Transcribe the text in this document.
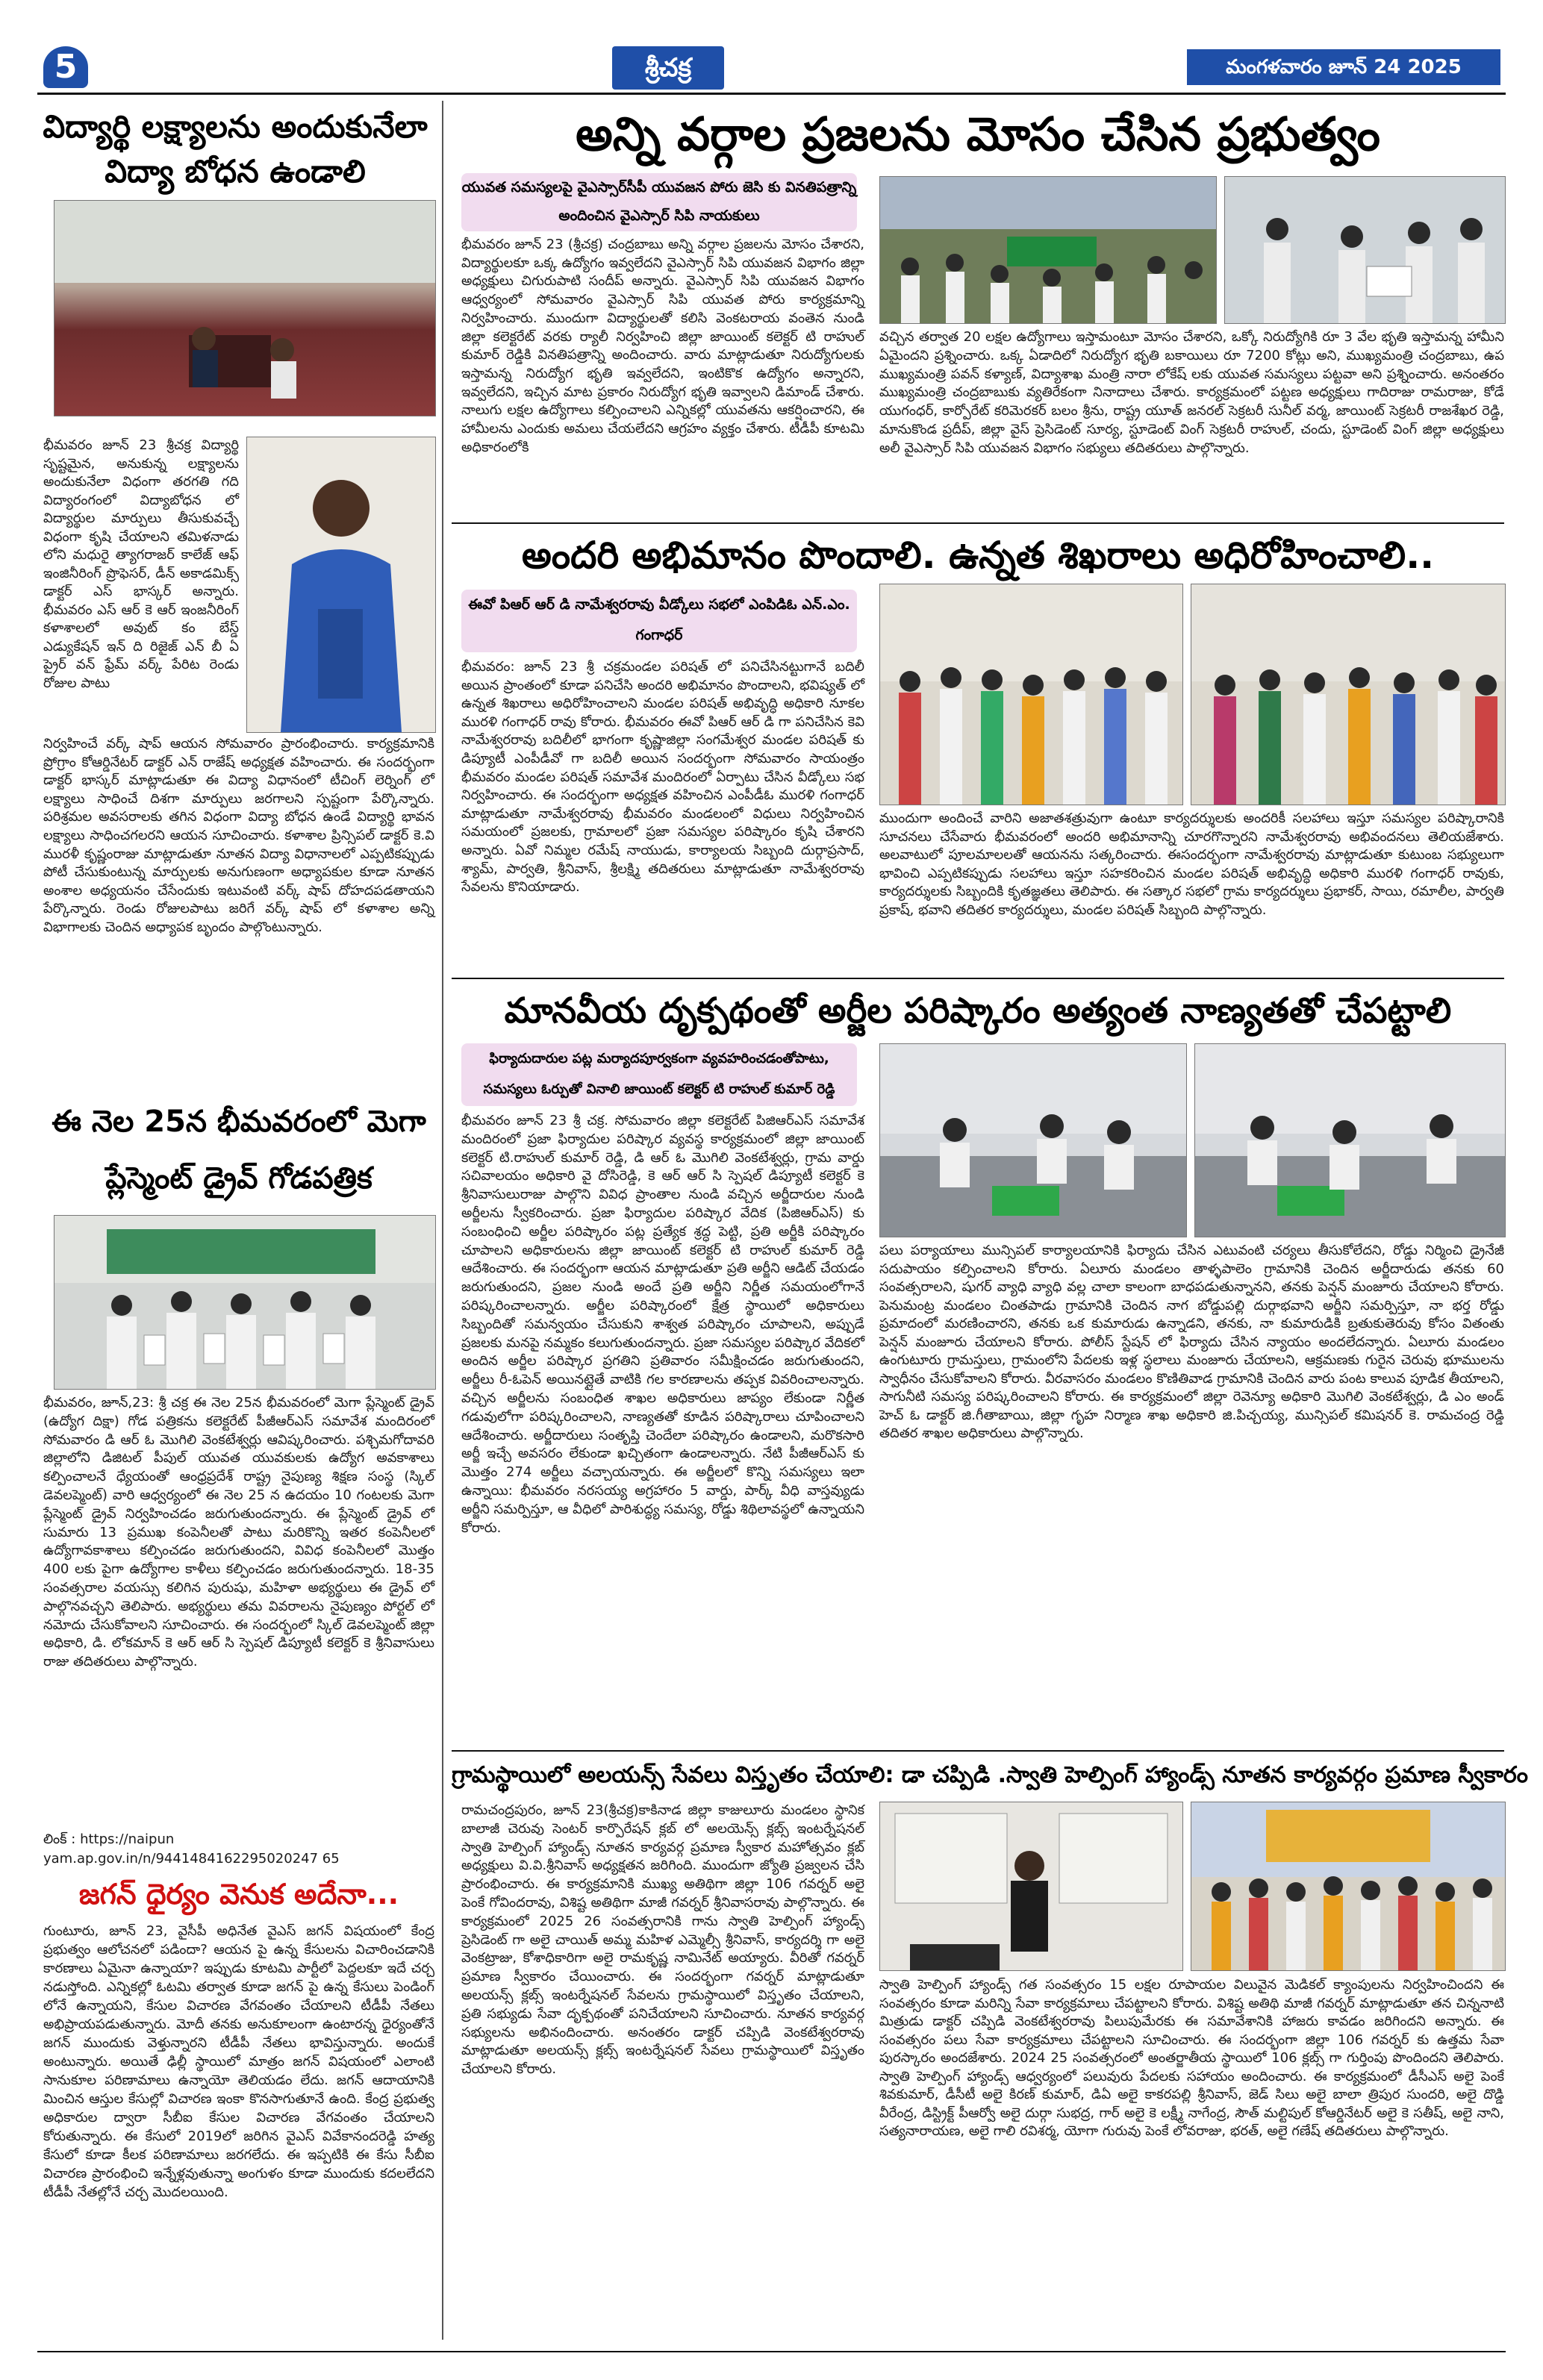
5	శ్రీచక్ర	మంగళవారం జూన్ 24 2025
విద్యార్థి లక్ష్యాలను అందుకునేలా విద్యా బోధన ఉండాలి
భీమవరం జూన్ 23 శ్రీచక్ర విద్యార్థి సృష్టమైన, అనుకున్న లక్ష్యాలను అందుకునేలా విధంగా తరగతి గది విద్యారంగంలో విద్యాబోధన లో విద్యార్థుల మార్పులు తీసుకువచ్చే విధంగా కృషి చేయాలని తమిళనాడు లోని మధురై త్యాగరాజర్ కాలేజ్ ఆఫ్ ఇంజినీరింగ్ ప్రొఫెసర్, డీన్ అకాడమిక్స్ డాక్టర్ ఎస్ భాస్కర్ అన్నారు. భీమవరం ఎస్ ఆర్ కె ఆర్ ఇంజనీరింగ్ కళాశాలలో అవుట్ కం బేస్డ్ ఎడ్యుకేషన్ ఇన్ ది రిజైజ్ ఎన్ బీ ఏ ప్రైర్ వన్ ఫ్రేమ్ వర్క్ పేరిట రెండు రోజుల పాటు
నిర్వహించే వర్క్ షాప్ ఆయన సోమవారం ప్రారంభించారు. కార్యక్రమానికి ప్రోగ్రాం కోఆర్డినేటర్ డాక్టర్ ఎన్ రాజేష్ అధ్యక్షత వహించారు. ఈ సందర్భంగా డాక్టర్ భాస్కర్ మాట్లాడుతూ ఈ విద్యా విధానంలో టీచింగ్ లెర్నింగ్ లో లక్ష్యాలు సాధించే దిశగా మార్పులు జరగాలని స్పష్టంగా పేర్కొన్నారు. పరిశ్రమల అవసరాలకు తగిన విధంగా విద్యా బోధన ఉండే విద్యార్థి భావన లక్ష్యాలు సాధించగలరని ఆయన సూచించారు. కళాశాల ప్రిన్సిపల్ డాక్టర్ కె.వి మురళీ కృష్ణంరాజు మాట్లాడుతూ నూతన విద్యా విధానాలలో ఎప్పటికప్పుడు పోటీ చేసుకుంటున్న మార్పులకు అనుగుణంగా అధ్యాపకుల కూడా నూతన అంశాల అధ్యయనం చేసేందుకు ఇటువంటి వర్క్ షాప్ దోహదపడతాయని పేర్కొన్నారు. రెండు రోజులపాటు జరిగే వర్క్ షాప్ లో కళాశాల అన్ని విభాగాలకు చెందిన అధ్యాపక బృందం పాల్గొంటున్నారు.
ఈ నెల 25న భీమవరంలో మెగా ప్లేస్మెంట్ డ్రైవ్ గోడపత్రిక
భీమవరం, జూన్,23: శ్రీ చక్ర ఈ నెల 25న భీమవరంలో మెగా ప్లేస్మెంట్ డ్రైవ్ (ఉద్యోగ దిక్షా) గోడ పత్రికను కలెక్టరేట్ పీజీఆర్ఎస్ సమావేశ మందిరంలో సోమవారం డి ఆర్ ఓ మొగిలి వెంకటేశ్వర్లు ఆవిష్కరించారు. పశ్చిమగోదావరి జిల్లాలోని డిజిటల్ పీపుల్ యువత యువకులకు ఉద్యోగ అవకాశాలు కల్పించాలనే ధ్యేయంతో ఆంధ్రప్రదేశ్ రాష్ట్ర నైపుణ్య శిక్షణ సంస్థ (స్కిల్ డెవలప్మెంట్) వారి ఆధ్వర్యంలో ఈ నెల 25 న ఉదయం 10 గంటలకు మెగా ప్లేస్మెంట్ డ్రైవ్ నిర్వహించడం జరుగుతుందన్నారు. ఈ ప్లేస్మెంట్ డ్రైవ్ లో సుమారు 13 ప్రముఖ కంపెనీలతో పాటు మరికొన్ని ఇతర కంపెనీలలో ఉద్యోగావకాశాలు కల్పించడం జరుగుతుందని, వివిధ కంపెనీలలో మొత్తం 400 లకు పైగా ఉద్యోగాల కాళీలు కల్పించడం జరుగుతుందన్నారు. 18-35 సంవత్సరాల వయస్సు కలిగిన పురుషు, మహిళా అభ్యర్థులు ఈ డ్రైవ్ లో పాల్గొనవచ్చని తెలిపారు. అభ్యర్థులు తమ వివరాలను నైపుణ్యం పోర్టల్ లో నమోదు చేసుకోవాలని సూచించారు. ఈ సందర్భంలో స్కిల్ డెవలప్మెంట్ జిల్లా అధికారి, డి. లోకమాన్ కె ఆర్ ఆర్ సి స్పెషల్ డిప్యూటీ కలెక్టర్ కె శ్రీనివాసులు రాజు తదితరులు పాల్గొన్నారు.
లింక్ : https://naipun yam.ap.gov.in/n/9441484162295020247 65
జగన్ ధైర్యం వెనుక అదేనా...
గుంటూరు, జూన్ 23, వైసీపీ అధినేత వైఎస్ జగన్ విషయంలో కేంద్ర ప్రభుత్వం ఆలోచనలో పడిందా? ఆయన పై ఉన్న కేసులను విచారించడానికి కారణాలు ఏమైనా ఉన్నాయా? ఇప్పుడు కూటమి పార్టీలో పెద్దలకూ ఇదే చర్చ నడుస్తోంది. ఎన్నికల్లో ఓటమి తర్వాత కూడా జగన్ పై ఉన్న కేసులు పెండింగ్ లోనే ఉన్నాయని, కేసుల విచారణ వేగవంతం చేయాలని టీడీపీ నేతలు అభిప్రాయపడుతున్నారు. మోదీ తనకు అనుకూలంగా ఉంటారన్న ధైర్యంతోనే జగన్ ముందుకు వెళ్తున్నారని టీడీపీ నేతలు భావిస్తున్నారు. అందుకే అంటున్నారు. అయితే ఢిల్లీ స్థాయిలో మాత్రం జగన్ విషయంలో ఎలాంటి సానుకూల పరిణామాలు ఉన్నాయో తెలియడం లేదు. జగన్ ఆదాయానికి మించిన ఆస్తుల కేసుల్లో విచారణ ఇంకా కొనసాగుతూనే ఉంది. కేంద్ర ప్రభుత్వ అధికారుల ద్వారా సీబీఐ కేసుల విచారణ వేగవంతం చేయాలని కోరుతున్నారు. ఈ కేసులో 2019లో జరిగిన వైఎస్ వివేకానందరెడ్డి హత్య కేసులో కూడా కీలక పరిణామాలు జరగలేదు. ఈ ఇప్పటికి ఈ కేసు సీబీఐ విచారణ ప్రారంభించి ఇన్నేళ్లవుతున్నా అంగుళం కూడా ముందుకు కదలలేదని టీడీపీ నేతల్లోనే చర్చ మొదలయింది.
అన్ని వర్గాల ప్రజలను మోసం చేసిన ప్రభుత్వం
యువత సమస్యలపై వైఎస్సార్‌సీపీ యువజన పోరు జెసి కు వినతిపత్రాన్ని అందించిన వైఎస్సార్ సిపి నాయకులు
భీమవరం జూన్ 23 (శ్రీచక్ర) చంద్రబాబు అన్ని వర్గాల ప్రజలను మోసం చేశారని, విద్యార్థులకూ ఒక్క ఉద్యోగం ఇవ్వలేదని వైఎస్సార్ సిపి యువజన విభాగం జిల్లా అధ్యక్షులు చిగురుపాటి సందీప్ అన్నారు. వైఎస్సార్ సిపి యువజన విభాగం ఆధ్వర్యంలో సోమవారం వైఎస్సార్ సిపి యువత పోరు కార్యక్రమాన్ని నిర్వహించారు. ముందుగా విద్యార్థులతో కలిసి వెంకటరాయ వంతెన నుండి జిల్లా కలెక్టరేట్ వరకు ర్యాలీ నిర్వహించి జిల్లా జాయింట్ కలెక్టర్ టి రాహుల్ కుమార్ రెడ్డికి వినతిపత్రాన్ని అందించారు. వారు మాట్లాడుతూ నిరుద్యోగులకు ఇస్తామన్న నిరుద్యోగ భృతి ఇవ్వలేదని, ఇంటికొక ఉద్యోగం అన్నారని, ఇవ్వలేదని, ఇచ్చిన మాట ప్రకారం నిరుద్యోగ భృతి ఇవ్వాలని డిమాండ్ చేశారు. నాలుగు లక్షల ఉద్యోగాలు కల్పించాలని ఎన్నికల్లో యువతను ఆకర్షించారని, ఈ హామీలను ఎందుకు అమలు చేయలేదని ఆగ్రహం వ్యక్తం చేశారు. టీడీపీ కూటమి అధికారంలోకి
వచ్చిన తర్వాత 20 లక్షల ఉద్యోగాలు ఇస్తామంటూ మోసం చేశారని, ఒక్కో నిరుద్యోగికి రూ 3 వేల భృతి ఇస్తామన్న హామీని ఏమైందని ప్రశ్నించారు. ఒక్క ఏడాదిలో నిరుద్యోగ భృతి బకాయిలు రూ 7200 కోట్లు అని, ముఖ్యమంత్రి చంద్రబాబు, ఉప ముఖ్యమంత్రి పవన్ కళ్యాణ్, విద్యాశాఖ మంత్రి నారా లోకేష్ లకు యువత సమస్యలు పట్టవా అని ప్రశ్నించారు. అనంతరం ముఖ్యమంత్రి చంద్రబాబుకు వ్యతిరేకంగా నినాదాలు చేశారు. కార్యక్రమంలో పట్టణ అధ్యక్షులు గాదిరాజు రామరాజు, కోడే యుగంధర్, కార్పోరేట్ కరిమెరకర్ బలం శ్రీను, రాష్ట్ర యూత్ జనరల్ సెక్రటరీ సునీల్ వర్మ, జాయింట్ సెక్రటరీ రాజశేఖర రెడ్డి, మానుకొండ ప్రదీప్, జిల్లా వైస్ ప్రెసిడెంట్ సూర్య, స్టూడెంట్ వింగ్ సెక్రటరీ రాహుల్, చందు, స్టూడెంట్ వింగ్ జిల్లా అధ్యక్షులు అలీ వైఎస్సార్ సిపి యువజన విభాగం సభ్యులు తదితరులు పాల్గొన్నారు.
అందరి అభిమానం పొందాలి. ఉన్నత శిఖరాలు అధిరోహించాలి..
ఈవో పిఆర్ ఆర్ డి నామేశ్వరరావు వీడ్కోలు సభలో ఎంపిడిఓ ఎన్.ఎం. గంగాధర్
భీమవరం: జూన్ 23 శ్రీ చక్రమండల పరిషత్ లో పనిచేసినట్టుగానే బదిలీ అయిన ప్రాంతంలో కూడా పనిచేసి అందరి అభిమానం పొందాలని, భవిష్యత్ లో ఉన్నత శిఖరాలు అధిరోహించాలని మండల పరిషత్ అభివృద్ధి అధికారి నూకల మురళి గంగాధర్ రావు కోరారు. భీమవరం ఈవో పిఆర్ ఆర్ డి గా పనిచేసిన కెవి నామేశ్వరరావు బదిలీలో భాగంగా కృష్ణాజిల్లా సంగమేశ్వర మండల పరిషత్ కు డిప్యూటీ ఎంపీడీవో గా బదిలీ అయిన సందర్భంగా సోమవారం సాయంత్రం భీమవరం మండల పరిషత్ సమావేశ మందిరంలో ఏర్పాటు చేసిన వీడ్కోలు సభ నిర్వహించారు. ఈ సందర్భంగా అధ్యక్షత వహించిన ఎంపీడీఓ మురళి గంగాధర్ మాట్లాడుతూ నామేశ్వరరావు భీమవరం మండలంలో విధులు నిర్వహించిన సమయంలో ప్రజలకు, గ్రామాలలో ప్రజా సమస్యల పరిష్కారం కృషి చేశారని అన్నారు. ఏవో నిమ్మల రమేష్ నాయుడు, కార్యాలయ సిబ్బంది దుర్గాప్రసాద్, శ్యామ్, పార్వతి, శ్రీనివాస్, శ్రీలక్ష్మి తదితరులు మాట్లాడుతూ నామేశ్వరరావు సేవలను కొనియాడారు.
ముందుగా అందించే వారిని అజాతశత్రువుగా ఉంటూ కార్యదర్శులకు అందరికీ సలహాలు ఇస్తూ సమస్యల పరిష్కారానికి సూచనలు చేసేవారు భీమవరంలో అందరి అభిమానాన్ని చూరగొన్నారని నామేశ్వరరావు అభివందనలు తెలియజేశారు. అలవాటులో పూలమాలలతో ఆయనను సత్కరించారు. ఈసందర్భంగా నామేశ్వరరావు మాట్లాడుతూ కుటుంబ సభ్యులుగా భావించి ఎప్పటికప్పుడు సలహాలు ఇస్తూ సహకరించిన మండల పరిషత్ అభివృద్ధి అధికారి మురళి గంగాధర్ రావుకు, కార్యదర్శులకు సిబ్బందికి కృతజ్ఞతలు తెలిపారు. ఈ సత్కార సభలో గ్రామ కార్యదర్శులు ప్రభాకర్, సాయి, రమాలీల, పార్వతి ప్రకాష్, భవాని తదితర కార్యదర్శులు, మండల పరిషత్ సిబ్బంది పాల్గొన్నారు.
మానవీయ దృక్పథంతో అర్జీల పరిష్కారం అత్యంత నాణ్యతతో చేపట్టాలి
ఫిర్యాదుదారుల పట్ల మర్యాదపూర్వకంగా వ్యవహరించడంతోపాటు, సమస్యలు ఓర్పుతో వినాలి జాయింట్ కలెక్టర్ టి రాహుల్ కుమార్ రెడ్డి
భీమవరం జూన్ 23 శ్రీ చక్ర. సోమవారం జిల్లా కలెక్టరేట్ పిజిఆర్ఎస్ సమావేశ మందిరంలో ప్రజా ఫిర్యాదుల పరిష్కార వ్యవస్థ కార్యక్రమంలో జిల్లా జాయింట్ కలెక్టర్ టి.రాహుల్ కుమార్ రెడ్డి, డి ఆర్ ఓ మొగిలి వెంకటేశ్వర్లు, గ్రామ వార్డు సచివాలయం అధికారి వై దోసిరెడ్డి, కె ఆర్ ఆర్ సి స్పెషల్ డిప్యూటీ కలెక్టర్ కె శ్రీనివాసులురాజు పాల్గొని వివిధ ప్రాంతాల నుండి వచ్చిన అర్జీదారుల నుండి అర్జీలను స్వీకరించారు. ప్రజా ఫిర్యాదుల పరిష్కార వేదిక (పిజిఆర్ఎస్) కు సంబంధించి అర్జీల పరిష్కారం పట్ల ప్రత్యేక శ్రద్ధ పెట్టి, ప్రతి అర్జీకి పరిష్కారం చూపాలని అధికారులను జిల్లా జాయింట్ కలెక్టర్ టి రాహుల్ కుమార్ రెడ్డి ఆదేశించారు. ఈ సందర్భంగా ఆయన మాట్లాడుతూ ప్రతి అర్జీని ఆడిట్ చేయడం జరుగుతుందని, ప్రజల నుండి అందే ప్రతి అర్జీని నిర్ణీత సమయంలోగానే పరిష్కరించాలన్నారు. అర్జీల పరిష్కారంలో క్షేత్ర స్థాయిలో అధికారులు సిబ్బందితో సమన్వయం చేసుకుని శాశ్వత పరిష్కారం చూపాలని, అప్పుడే ప్రజలకు మనపై నమ్మకం కలుగుతుందన్నారు. ప్రజా సమస్యల పరిష్కార వేదికలో అందిన అర్జీల పరిష్కార ప్రగతిని ప్రతివారం సమీక్షించడం జరుగుతుందని, అర్జీలు రీ-ఓపెన్ అయినట్లైతే వాటికి గల కారణాలను తప్పక వివరించాలన్నారు. వచ్చిన అర్జీలను సంబంధిత శాఖల అధికారులు జాప్యం లేకుండా నిర్ణీత గడువులోగా పరిష్కరించాలని, నాణ్యతతో కూడిన పరిష్కారాలు చూపించాలని ఆదేశించారు. అర్జీదారులు సంతృప్తి చెందేలా పరిష్కారం ఉండాలని, మరొకసారి అర్జీ ఇచ్చే అవసరం లేకుండా ఖచ్చితంగా ఉండాలన్నారు. నేటి పీజీఆర్ఎస్ కు మొత్తం 274 అర్జీలు వచ్చాయన్నారు. ఈ అర్జీలలో కొన్ని సమస్యలు ఇలా ఉన్నాయి: భీమవరం నరసయ్య అగ్రహారం 5 వార్డు, పార్క్ వీధి వాస్తవ్యుడు అర్జీని సమర్పిస్తూ, ఆ వీధిలో పారిశుద్ధ్య సమస్య, రోడ్డు శిథిలావస్థలో ఉన్నాయని కోరారు.
పలు పర్యాయాలు మున్సిపల్ కార్యాలయానికి ఫిర్యాదు చేసిన ఎటువంటి చర్యలు తీసుకోలేదని, రోడ్డు నిర్మించి డ్రైనేజీ సదుపాయం కల్పించాలని కోరారు. ఏలూరు మండలం తాళ్ళపాలెం గ్రామానికి చెందిన అర్జీదారుడు తనకు 60 సంవత్సరాలని, షుగర్ వ్యాధి వ్యాధి వల్ల చాలా కాలంగా బాధపడుతున్నానని, తనకు పెన్షన్ మంజూరు చేయాలని కోరారు. పెనుమంట్ర మండలం చింతపాడు గ్రామానికి చెందిన నాగ బోడ్డుపల్లి దుర్గాభవాని అర్జీని సమర్పిస్తూ, నా భర్త రోడ్డు ప్రమాదంలో మరణించారని, తనకు ఒక కుమారుడు ఉన్నాడని, తనకు, నా కుమారుడికి బ్రతుకుతెరువు కోసం వితంతు పెన్షన్ మంజూరు చేయాలని కోరారు. పోలీస్ స్టేషన్ లో ఫిర్యాదు చేసిన న్యాయం అందలేదన్నారు. ఏలూరు మండలం ఉంగుటూరు గ్రామస్తులు, గ్రామంలోని పేదలకు ఇళ్ల స్థలాలు మంజూరు చేయాలని, ఆక్రమణకు గురైన చెరువు భూములను స్వాధీనం చేసుకోవాలని కోరారు. వీరవాసరం మండలం కొణితివాడ గ్రామానికి చెందిన వారు పంట కాలువ పూడిక తీయాలని, సాగునీటి సమస్య పరిష్కరించాలని కోరారు. ఈ కార్యక్రమంలో జిల్లా రెవెన్యూ అధికారి మొగిలి వెంకటేశ్వర్లు, డి ఎం అండ్ హెచ్ ఓ డాక్టర్ జి.గీతాబాయి, జిల్లా గృహ నిర్మాణ శాఖ అధికారి జి.పిచ్చయ్య, మున్సిపల్ కమిషనర్ కె. రామచంద్ర రెడ్డి తదితర శాఖల అధికారులు పాల్గొన్నారు.
గ్రామస్థాయిలో అలయన్స్ సేవలు విస్తృతం చేయాలి: డా చప్పిడి .స్వాతి హెల్పింగ్ హ్యాండ్స్ నూతన కార్యవర్గం ప్రమాణ స్వీకారం
రామచంద్రపురం, జూన్ 23(శ్రీచక్ర)కాకినాడ జిల్లా కాజులూరు మండలం స్థానిక బాలాజీ చెరువు సెంటర్ కార్పొరేషన్ క్లబ్ లో అలయెన్స్ క్లబ్స్ ఇంటర్నేషనల్ స్వాతి హెల్పింగ్ హ్యాండ్స్ నూతన కార్యవర్గ ప్రమాణ స్వీకార మహోత్సవం క్లబ్ అధ్యక్షులు వి.వి.శ్రీనివాస్ అధ్యక్షతన జరిగింది. ముందుగా జ్యోతి ప్రజ్వలన చేసి ప్రారంభించారు. ఈ కార్యక్రమానికి ముఖ్య అతిథిగా జిల్లా 106 గవర్నర్ అలై పెంకే గోవిందరావు, విశిష్ట అతిథిగా మాజీ గవర్నర్ శ్రీనివాసరావు పాల్గొన్నారు. ఈ కార్యక్రమంలో 2025 26 సంవత్సరానికి గాను స్వాతి హెల్పింగ్ హ్యాండ్స్ ప్రెసిడెంట్ గా అలై చాయిత్ అమ్మ మహిళ ఎమ్మెల్సీ శ్రీనివాస్, కార్యదర్శి గా అలై వెంకట్రాజు, కోశాధికారిగా అలై రామకృష్ణ నామినేట్ అయ్యారు. వీరితో గవర్నర్ ప్రమాణ స్వీకారం చేయించారు. ఈ సందర్భంగా గవర్నర్ మాట్లాడుతూ అలయన్స్ క్లబ్స్ ఇంటర్నేషనల్ సేవలను గ్రామస్థాయిలో విస్తృతం చేయాలని, ప్రతి సభ్యుడు సేవా దృక్పథంతో పనిచేయాలని సూచించారు. నూతన కార్యవర్గ సభ్యులను అభినందించారు. అనంతరం డాక్టర్ చప్పిడి వెంకటేశ్వరరావు మాట్లాడుతూ అలయన్స్ క్లబ్స్ ఇంటర్నేషనల్ సేవలు గ్రామస్థాయిలో విస్తృతం చేయాలని కోరారు.
స్వాతి హెల్పింగ్ హ్యాండ్స్ గత సంవత్సరం 15 లక్షల రూపాయల విలువైన మెడికల్ క్యాంపులను నిర్వహించిందని ఈ సంవత్సరం కూడా మరిన్ని సేవా కార్యక్రమాలు చేపట్టాలని కోరారు. విశిష్ట అతిథి మాజీ గవర్నర్ మాట్లాడుతూ తన చిన్ననాటి మిత్రుడు డాక్టర్ చప్పిడి వెంకటేశ్వరరావు పిలుపుమేరకు ఈ సమావేశానికి హాజరు కావడం జరిగిందని అన్నారు. ఈ సంవత్సరం పలు సేవా కార్యక్రమాలు చేపట్టాలని సూచించారు. ఈ సందర్భంగా జిల్లా 106 గవర్నర్ కు ఉత్తమ సేవా పురస్కారం అందజేశారు. 2024 25 సంవత్సరంలో అంతర్జాతీయ స్థాయిలో 106 క్లబ్స్ గా గుర్తింపు పొందిందని తెలిపారు. స్వాతి హెల్పింగ్ హ్యాండ్స్ ఆధ్వర్యంలో పలువురు పేదలకు సహాయం అందించారు. ఈ కార్యక్రమంలో డీసీఎస్ అలై పెంకే శివకుమార్, డీసీటీ అలై కిరణ్ కుమార్, డిఏ అలై కాకరపల్లి శ్రీనివాస్, జెడ్ సిలు అలై బాలా త్రిపుర సుందరి, అలై దొడ్డి వీరేంద్ర, డిస్ట్రిక్ట్ పీఆర్వో అలై దుర్గా సుభద్ర, గార్ అలై కె లక్ష్మీ నాగేంద్ర, సౌత్ మల్టిపుల్ కోఆర్డినేటర్ అలై కె సతీష్, అలై నాని, సత్యనారాయణ, అలై గాలి రవిశర్మ, యోగా గురువు పెంకే లోవరాజు, భరత్, అలై గణేష్ తదితరులు పాల్గొన్నారు.
